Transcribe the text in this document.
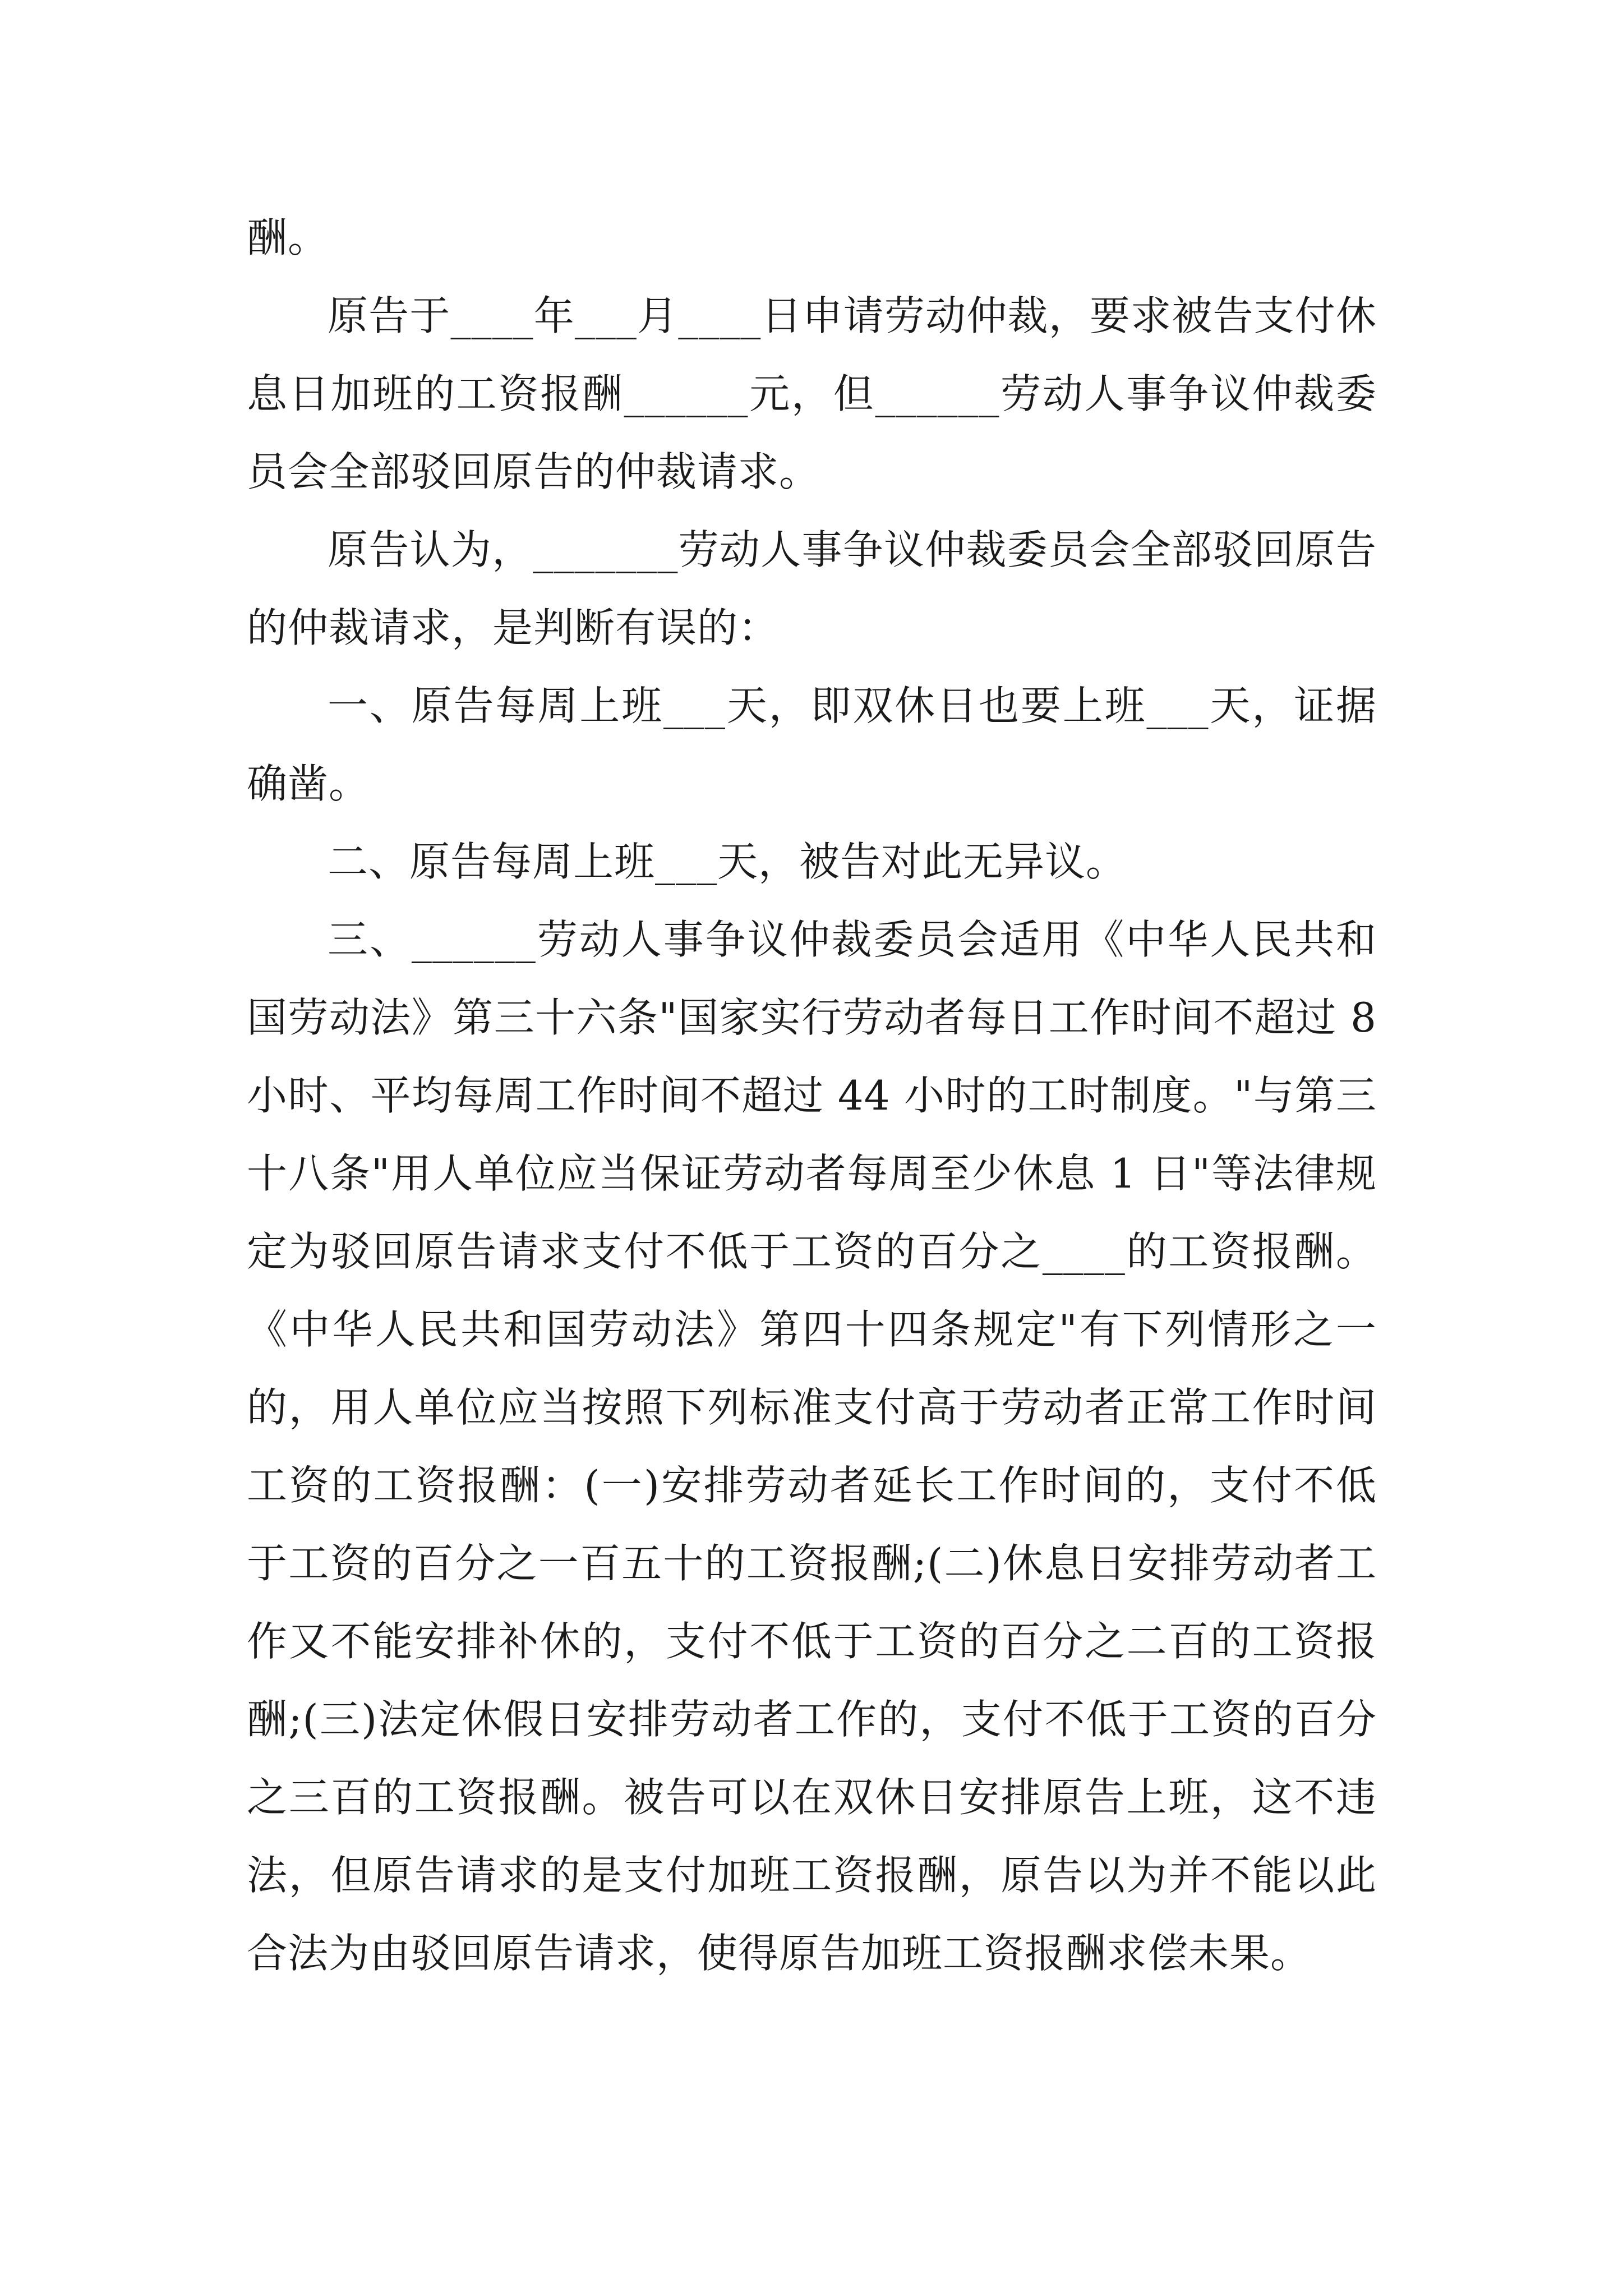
酬。

原告于____年___月____日申请劳动仲裁，要求被告支付休息日加班的工资报酬______元，但______劳动人事争议仲裁委员会全部驳回原告的仲裁请求。

原告认为，_______劳动人事争议仲裁委员会全部驳回原告的仲裁请求，是判断有误的：

一、原告每周上班___天，即双休日也要上班___天，证据确凿。

二、原告每周上班___天，被告对此无异议。

三、______劳动人事争议仲裁委员会适用《中华人民共和国劳动法》第三十六条"国家实行劳动者每日工作时间不超过 8 小时、平均每周工作时间不超过 44 小时的工时制度。"与第三十八条"用人单位应当保证劳动者每周至少休息 1 日"等法律规定为驳回原告请求支付不低于工资的百分之____的工资报酬。《中华人民共和国劳动法》第四十四条规定"有下列情形之一的，用人单位应当按照下列标准支付高于劳动者正常工作时间工资的工资报酬：(一)安排劳动者延长工作时间的，支付不低于工资的百分之一百五十的工资报酬;(二)休息日安排劳动者工作又不能安排补休的，支付不低于工资的百分之二百的工资报酬;(三)法定休假日安排劳动者工作的，支付不低于工资的百分之三百的工资报酬。被告可以在双休日安排原告上班，这不违法，但原告请求的是支付加班工资报酬，原告以为并不能以此合法为由驳回原告请求，使得原告加班工资报酬求偿未果。
